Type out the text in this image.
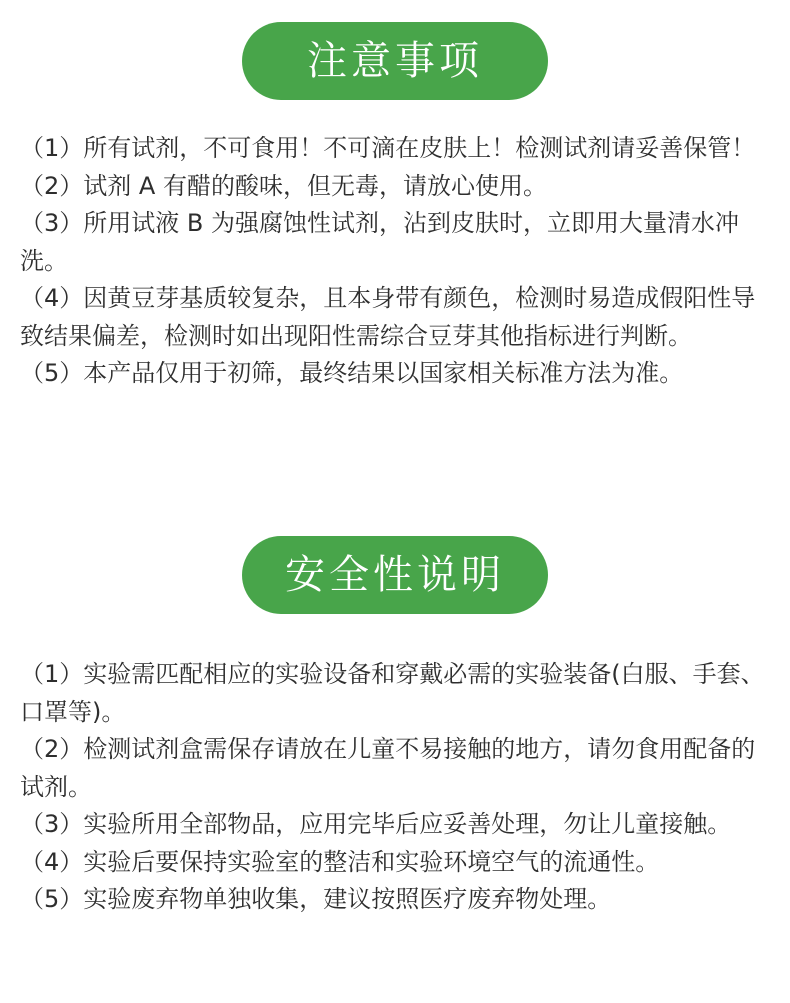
注意事项
（1）所有试剂，不可食用！不可滴在皮肤上！检测试剂请妥善保管！
（2）试剂 A 有醋的酸味，但无毒，请放心使用。
（3）所用试液 B 为强腐蚀性试剂，沾到皮肤时，立即用大量清水冲洗。
（4）因黄豆芽基质较复杂，且本身带有颜色，检测时易造成假阳性导致结果偏差，检测时如出现阳性需综合豆芽其他指标进行判断。
（5）本产品仅用于初筛，最终结果以国家相关标准方法为准。
安全性说明
（1）实验需匹配相应的实验设备和穿戴必需的实验装备(白服、手套、口罩等)。
（2）检测试剂盒需保存请放在儿童不易接触的地方，请勿食用配备的试剂。
（3）实验所用全部物品，应用完毕后应妥善处理，勿让儿童接触。
（4）实验后要保持实验室的整洁和实验环境空气的流通性。
（5）实验废弃物单独收集，建议按照医疗废弃物处理。
